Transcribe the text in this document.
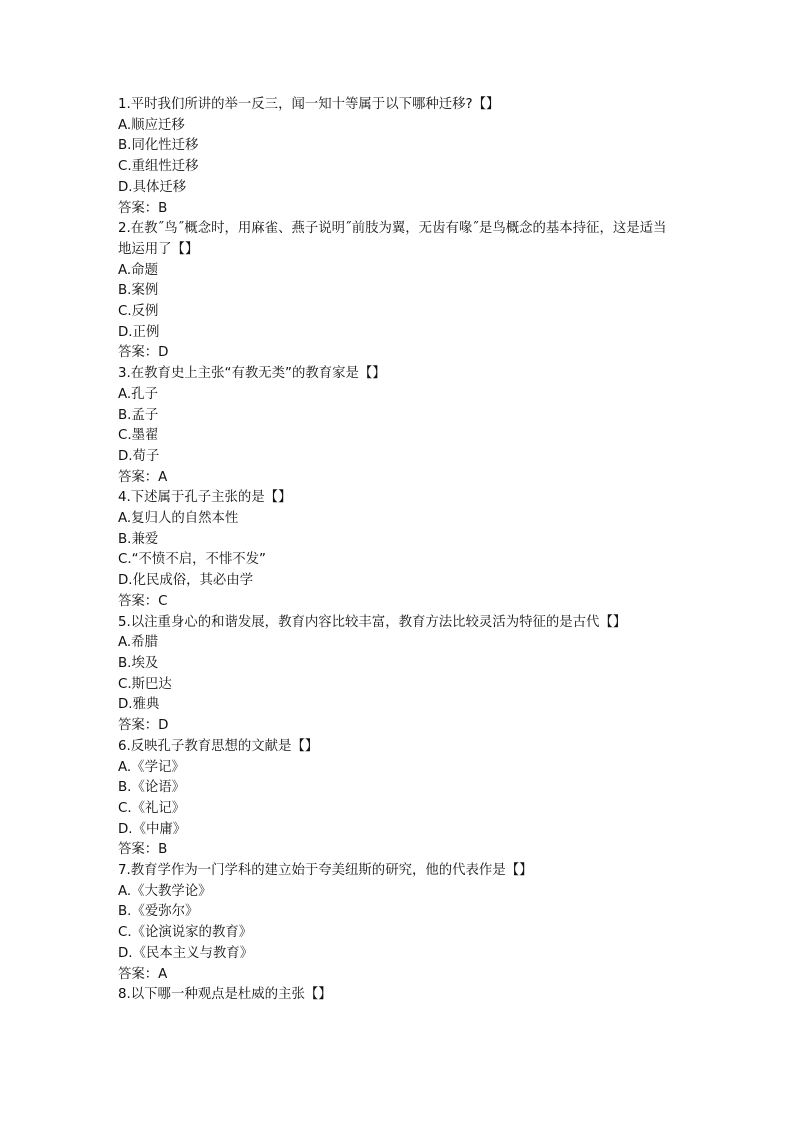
1.平时我们所讲的举一反三，闻一知十等属于以下哪种迁移?【】

A.顺应迁移

B.同化性迁移

C.重组性迁移

D.具体迁移

答案：B

2.在教˝鸟˝概念时，用麻雀、燕子说明˝前肢为翼，无齿有喙˝是鸟概念的基本持征，这是适当地运用了【】

A.命题

B.案例

C.反例

D.正例

答案：D

3.在教育史上主张“有教无类”的教育家是【】

A.孔子

B.孟子

C.墨翟

D.荀子

答案：A

4.下述属于孔子主张的是【】

A.复归人的自然本性

B.兼爱

C.“不愤不启，不悱不发”

D.化民成俗，其必由学

答案：C

5.以注重身心的和谐发展，教育内容比较丰富，教育方法比较灵活为特征的是古代【】

A.希腊

B.埃及

C.斯巴达

D.雅典

答案：D

6.反映孔子教育思想的文献是【】

A.《学记》

B.《论语》

C.《礼记》

D.《中庸》

答案：B

7.教育学作为一门学科的建立始于夸美纽斯的研究，他的代表作是【】

A.《大教学论》

B.《爱弥尔》

C.《论演说家的教育》

D.《民本主义与教育》

答案：A

8.以下哪一种观点是杜威的主张【】
